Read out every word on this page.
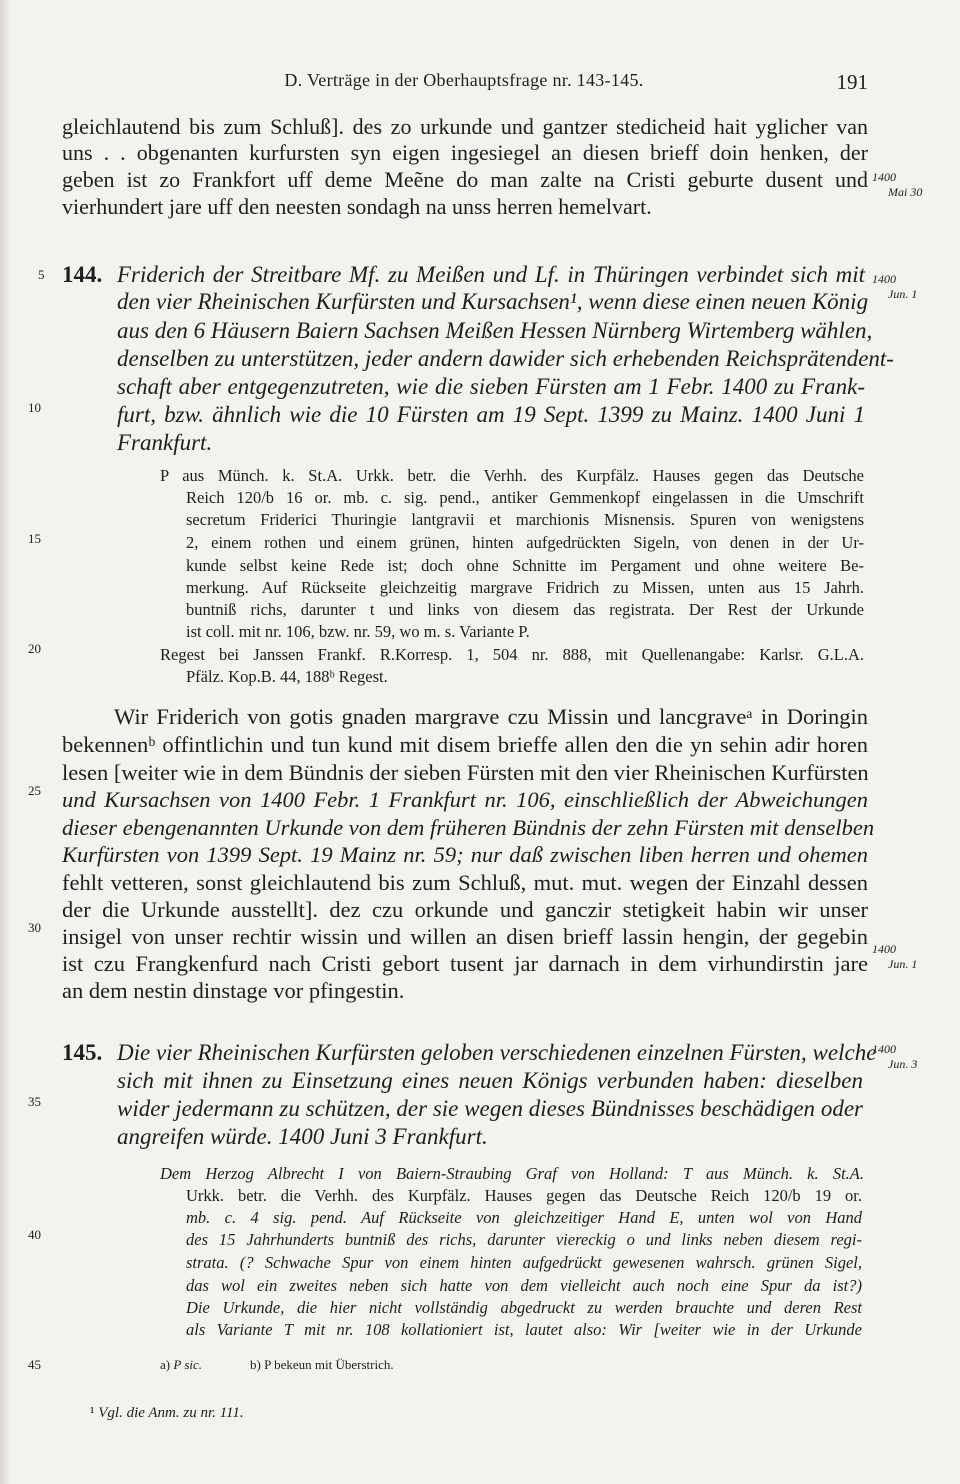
D. Verträge in der Oberhauptsfrage nr. 143-145.	191
gleichlautend bis zum Schluß]. des zo urkunde und gantzer stedicheid hait yglicher van
uns . . obgenanten kurfursten syn eigen ingesiegel an diesen brieff doin henken, der
geben ist zo Frankfort uff deme Meẽne do man zalte na Cristi geburte dusent und
vierhundert jare uff den neesten sondagh na unss herren hemelvart.
1400
Mai 30
144. Friderich der Streitbare Mf. zu Meißen und Lf. in Thüringen verbindet sich mit
den vier Rheinischen Kurfürsten und Kursachsen¹, wenn diese einen neuen König
aus den 6 Häusern Baiern Sachsen Meißen Hessen Nürnberg Wirtemberg wählen,
denselben zu unterstützen, jeder andern dawider sich erhebenden Reichsprätendent-
schaft aber entgegenzutreten, wie die sieben Fürsten am 1 Febr. 1400 zu Frank-
furt, bzw. ähnlich wie die 10 Fürsten am 19 Sept. 1399 zu Mainz. 1400 Juni 1
Frankfurt.
1400
Jun. 1
P aus Münch. k. St.A. Urkk. betr. die Verhh. des Kurpfälz. Hauses gegen das Deutsche
Reich 120/b 16 or. mb. c. sig. pend., antiker Gemmenkopf eingelassen in die Umschrift
secretum Friderici Thuringie lantgravii et marchionis Misnensis. Spuren von wenigstens
2, einem rothen und einem grünen, hinten aufgedrückten Sigeln, von denen in der Ur-
kunde selbst keine Rede ist; doch ohne Schnitte im Pergament und ohne weitere Be-
merkung. Auf Rückseite gleichzeitig margrave Fridrich zu Missen, unten aus 15 Jahrh.
buntniß richs, darunter t und links von diesem das registrata. Der Rest der Urkunde
ist coll. mit nr. 106, bzw. nr. 59, wo m. s. Variante P.
Regest bei Janssen Frankf. R.Korresp. 1, 504 nr. 888, mit Quellenangabe: Karlsr. G.L.A.
Pfälz. Kop.B. 44, 188ᵇ Regest.
Wir Friderich von gotis gnaden margrave czu Missin und lancgraveᵃ in Doringin
bekennenᵇ offintlichin und tun kund mit disem brieffe allen den die yn sehin adir horen
lesen [weiter wie in dem Bündnis der sieben Fürsten mit den vier Rheinischen Kurfürsten
und Kursachsen von 1400 Febr. 1 Frankfurt nr. 106, einschließlich der Abweichungen
dieser ebengenannten Urkunde von dem früheren Bündnis der zehn Fürsten mit denselben
Kurfürsten von 1399 Sept. 19 Mainz nr. 59; nur daß zwischen liben herren und ohemen
fehlt vetteren, sonst gleichlautend bis zum Schluß, mut. mut. wegen der Einzahl dessen
der die Urkunde ausstellt]. dez czu orkunde und ganczir stetigkeit habin wir unser
insigel von unser rechtir wissin und willen an disen brieff lassin hengin, der gegebin
ist czu Frangkenfurd nach Cristi gebort tusent jar darnach in dem virhundirstin jare
an dem nestin dinstage vor pfingestin.
1400
Jun. 1
145. Die vier Rheinischen Kurfürsten geloben verschiedenen einzelnen Fürsten, welche
sich mit ihnen zu Einsetzung eines neuen Königs verbunden haben: dieselben
wider jedermann zu schützen, der sie wegen dieses Bündnisses beschädigen oder
angreifen würde. 1400 Juni 3 Frankfurt.
1400
Jun. 3
Dem Herzog Albrecht I von Baiern-Straubing Graf von Holland: T aus Münch. k. St.A.
Urkk. betr. die Verhh. des Kurpfälz. Hauses gegen das Deutsche Reich 120/b 19 or.
mb. c. 4 sig. pend. Auf Rückseite von gleichzeitiger Hand E, unten wol von Hand
des 15 Jahrhunderts buntniß des richs, darunter viereckig o und links neben diesem regi-
strata. (? Schwache Spur von einem hinten aufgedrückt gewesenen wahrsch. grünen Sigel,
das wol ein zweites neben sich hatte von dem vielleicht auch noch eine Spur da ist?)
Die Urkunde, die hier nicht vollständig abgedruckt zu werden brauchte und deren Rest
als Variante T mit nr. 108 kollationiert ist, lautet also: Wir [weiter wie in der Urkunde
5
10
15
20
25
30
35
40
45	a) P sic.	b) P bekeun mit Überstrich.
¹ Vgl. die Anm. zu nr. 111.
